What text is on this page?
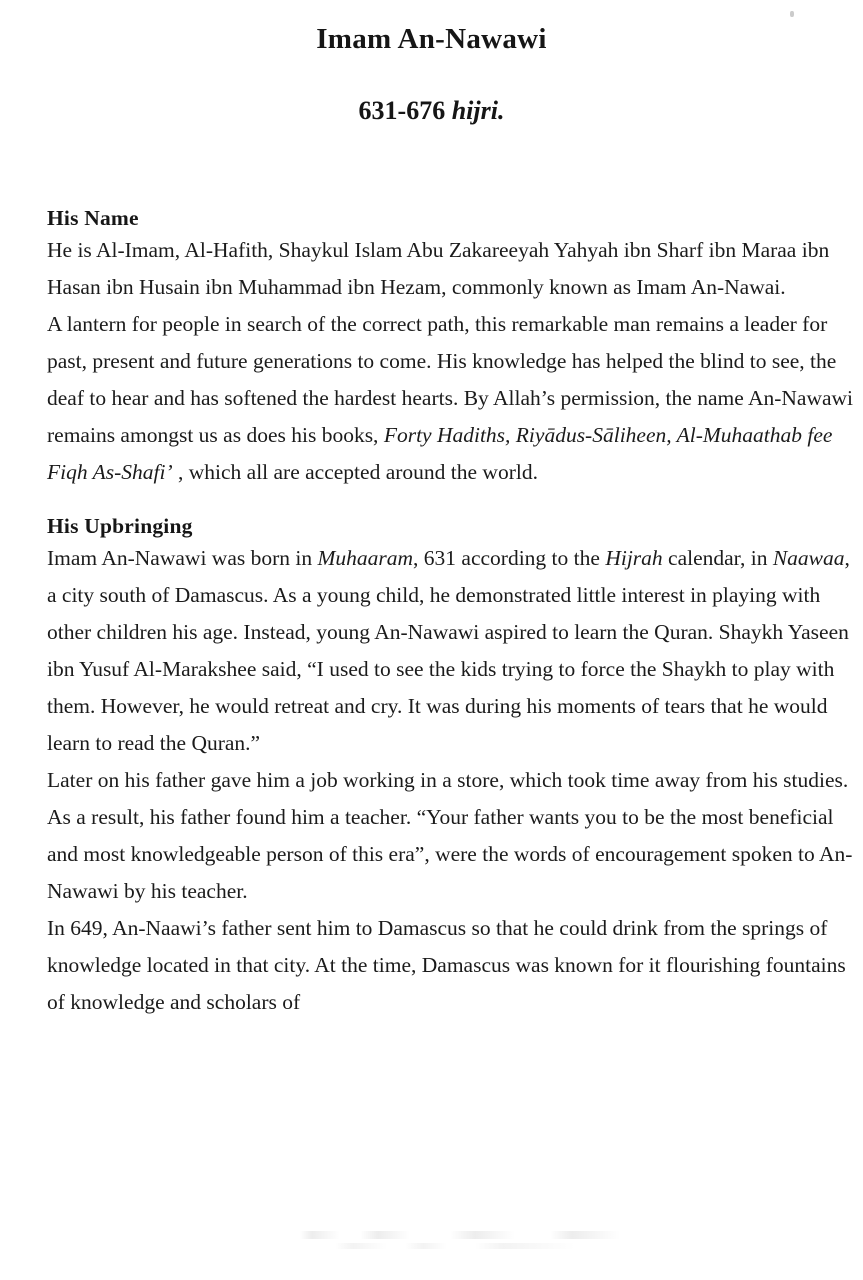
Imam An-Nawawi
631-676 hijri.
His Name

He is Al-Imam, Al-Hafith, Shaykul Islam Abu Zakareeyah Yahyah ibn Sharf ibn Maraa ibn Hasan ibn Husain ibn Muhammad ibn Hezam, commonly known as Imam An-Nawai.

A lantern for people in search of the correct path, this remarkable man remains a leader for past, present and future generations to come. His knowledge has helped the blind to see, the deaf to hear and has softened the hardest hearts. By Allah’s permission, the name An-Nawawi remains amongst us as does his books, Forty Hadiths, Riyādus-Sāliheen, Al-Muhaathab fee Fiqh As-Shafi’ , which all are accepted around the world.

His Upbringing

Imam An-Nawawi was born in Muhaaram, 631 according to the Hijrah calendar, in Naawaa, a city south of Damascus. As a young child, he demonstrated little interest in playing with other children his age. Instead, young An-Nawawi aspired to learn the Quran. Shaykh Yaseen ibn Yusuf Al-Marakshee said, “I used to see the kids trying to force the Shaykh to play with them. However, he would retreat and cry. It was during his moments of tears that he would learn to read the Quran.”

Later on his father gave him a job working in a store, which took time away from his studies.  As a result, his father found him a teacher. “Your father wants you to be the most beneficial and most knowledgeable person of this era”, were the words of encouragement spoken to An-Nawawi by his teacher.

In 649, An-Naawi’s father sent him to Damascus so that he could drink from the springs of knowledge located in that city. At the time, Damascus was known for it flourishing fountains of knowledge and scholars of
